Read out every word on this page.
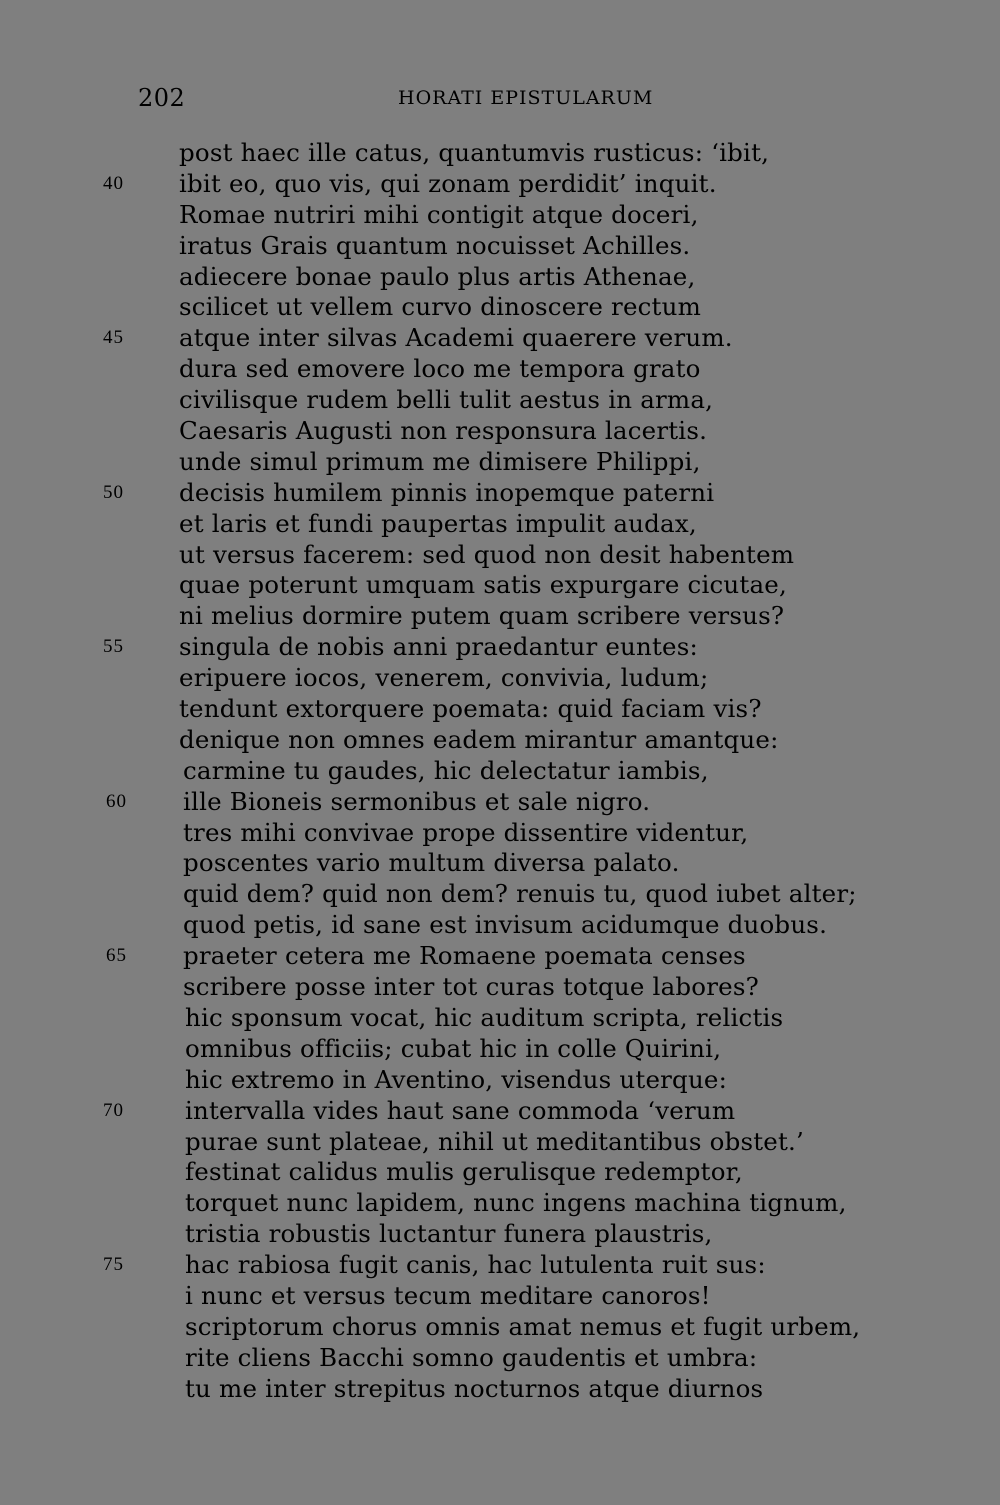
202	HORATI EPISTULARUM
post haec ille catus, quantumvis rusticus: ‘ibit,
40	ibit eo, quo vis, qui zonam perdidit’ inquit.
Romae nutriri mihi contigit atque doceri,
iratus Grais quantum nocuisset Achilles.
adiecere bonae paulo plus artis Athenae,
scilicet ut vellem curvo dinoscere rectum
45	atque inter silvas Academi quaerere verum.
dura sed emovere loco me tempora grato
civilisque rudem belli tulit aestus in arma,
Caesaris Augusti non responsura lacertis.
unde simul primum me dimisere Philippi,
50	decisis humilem pinnis inopemque paterni
et laris et fundi paupertas impulit audax,
ut versus facerem: sed quod non desit habentem
quae poterunt umquam satis expurgare cicutae,
ni melius dormire putem quam scribere versus?
55	singula de nobis anni praedantur euntes:
eripuere iocos, venerem, convivia, ludum;
tendunt extorquere poemata: quid faciam vis?
denique non omnes eadem mirantur amantque:
carmine tu gaudes, hic delectatur iambis,
60	ille Bioneis sermonibus et sale nigro.
tres mihi convivae prope dissentire videntur,
poscentes vario multum diversa palato.
quid dem? quid non dem? renuis tu, quod iubet alter;
quod petis, id sane est invisum acidumque duobus.
65	praeter cetera me Romaene poemata censes
scribere posse inter tot curas totque labores?
hic sponsum vocat, hic auditum scripta, relictis
omnibus officiis; cubat hic in colle Quirini,
hic extremo in Aventino, visendus uterque:
70	intervalla vides haut sane commoda ‘verum
purae sunt plateae, nihil ut meditantibus obstet.’
festinat calidus mulis gerulisque redemptor,
torquet nunc lapidem, nunc ingens machina tignum,
tristia robustis luctantur funera plaustris,
75	hac rabiosa fugit canis, hac lutulenta ruit sus:
i nunc et versus tecum meditare canoros!
scriptorum chorus omnis amat nemus et fugit urbem,
rite cliens Bacchi somno gaudentis et umbra:
tu me inter strepitus nocturnos atque diurnos
